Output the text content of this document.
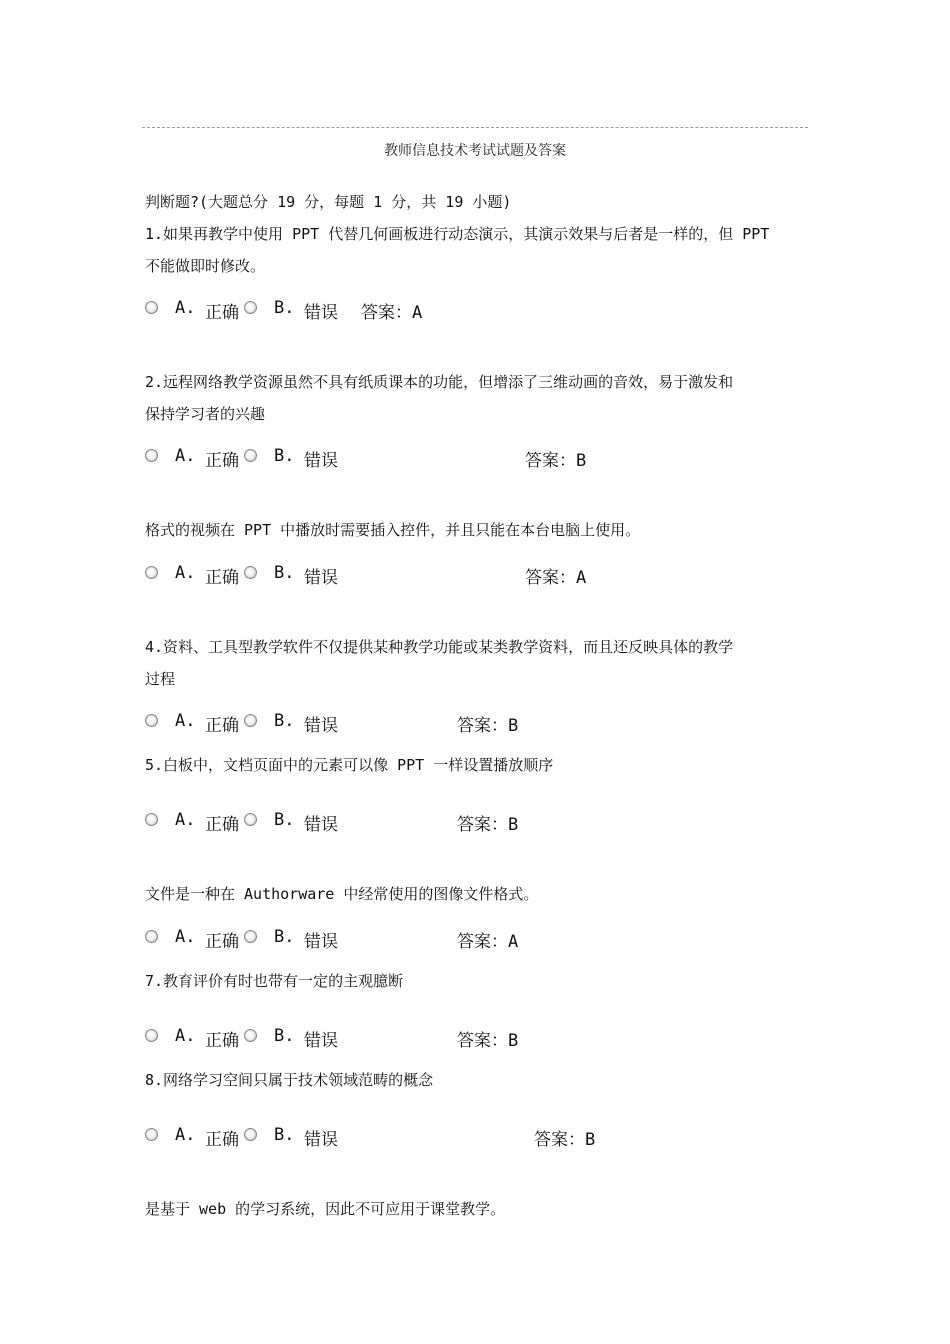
教师信息技术考试试题及答案
判断题?(大题总分 19 分，每题 1 分，共 19 小题)
1.如果再教学中使用 PPT 代替几何画板进行动态演示，其演示效果与后者是一样的，但 PPT
不能做即时修改。
A. 正确 B. 错误 答案：A
2.远程网络教学资源虽然不具有纸质课本的功能，但增添了三维动画的音效，易于激发和
保持学习者的兴趣
A. 正确 B. 错误	答案：B
格式的视频在 PPT 中播放时需要插入控件，并且只能在本台电脑上使用。
A. 正确 B. 错误	答案：A
4.资料、工具型教学软件不仅提供某种教学功能或某类教学资料，而且还反映具体的教学
过程
A. 正确 B. 错误	答案：B
5.白板中，文档页面中的元素可以像 PPT 一样设置播放顺序
A. 正确 B. 错误	答案：B
文件是一种在 Authorware 中经常使用的图像文件格式。
A. 正确 B. 错误	答案：A
7.教育评价有时也带有一定的主观臆断
A. 正确 B. 错误	答案：B
8.网络学习空间只属于技术领域范畴的概念
A. 正确 B. 错误	答案：B
是基于 web 的学习系统，因此不可应用于课堂教学。
